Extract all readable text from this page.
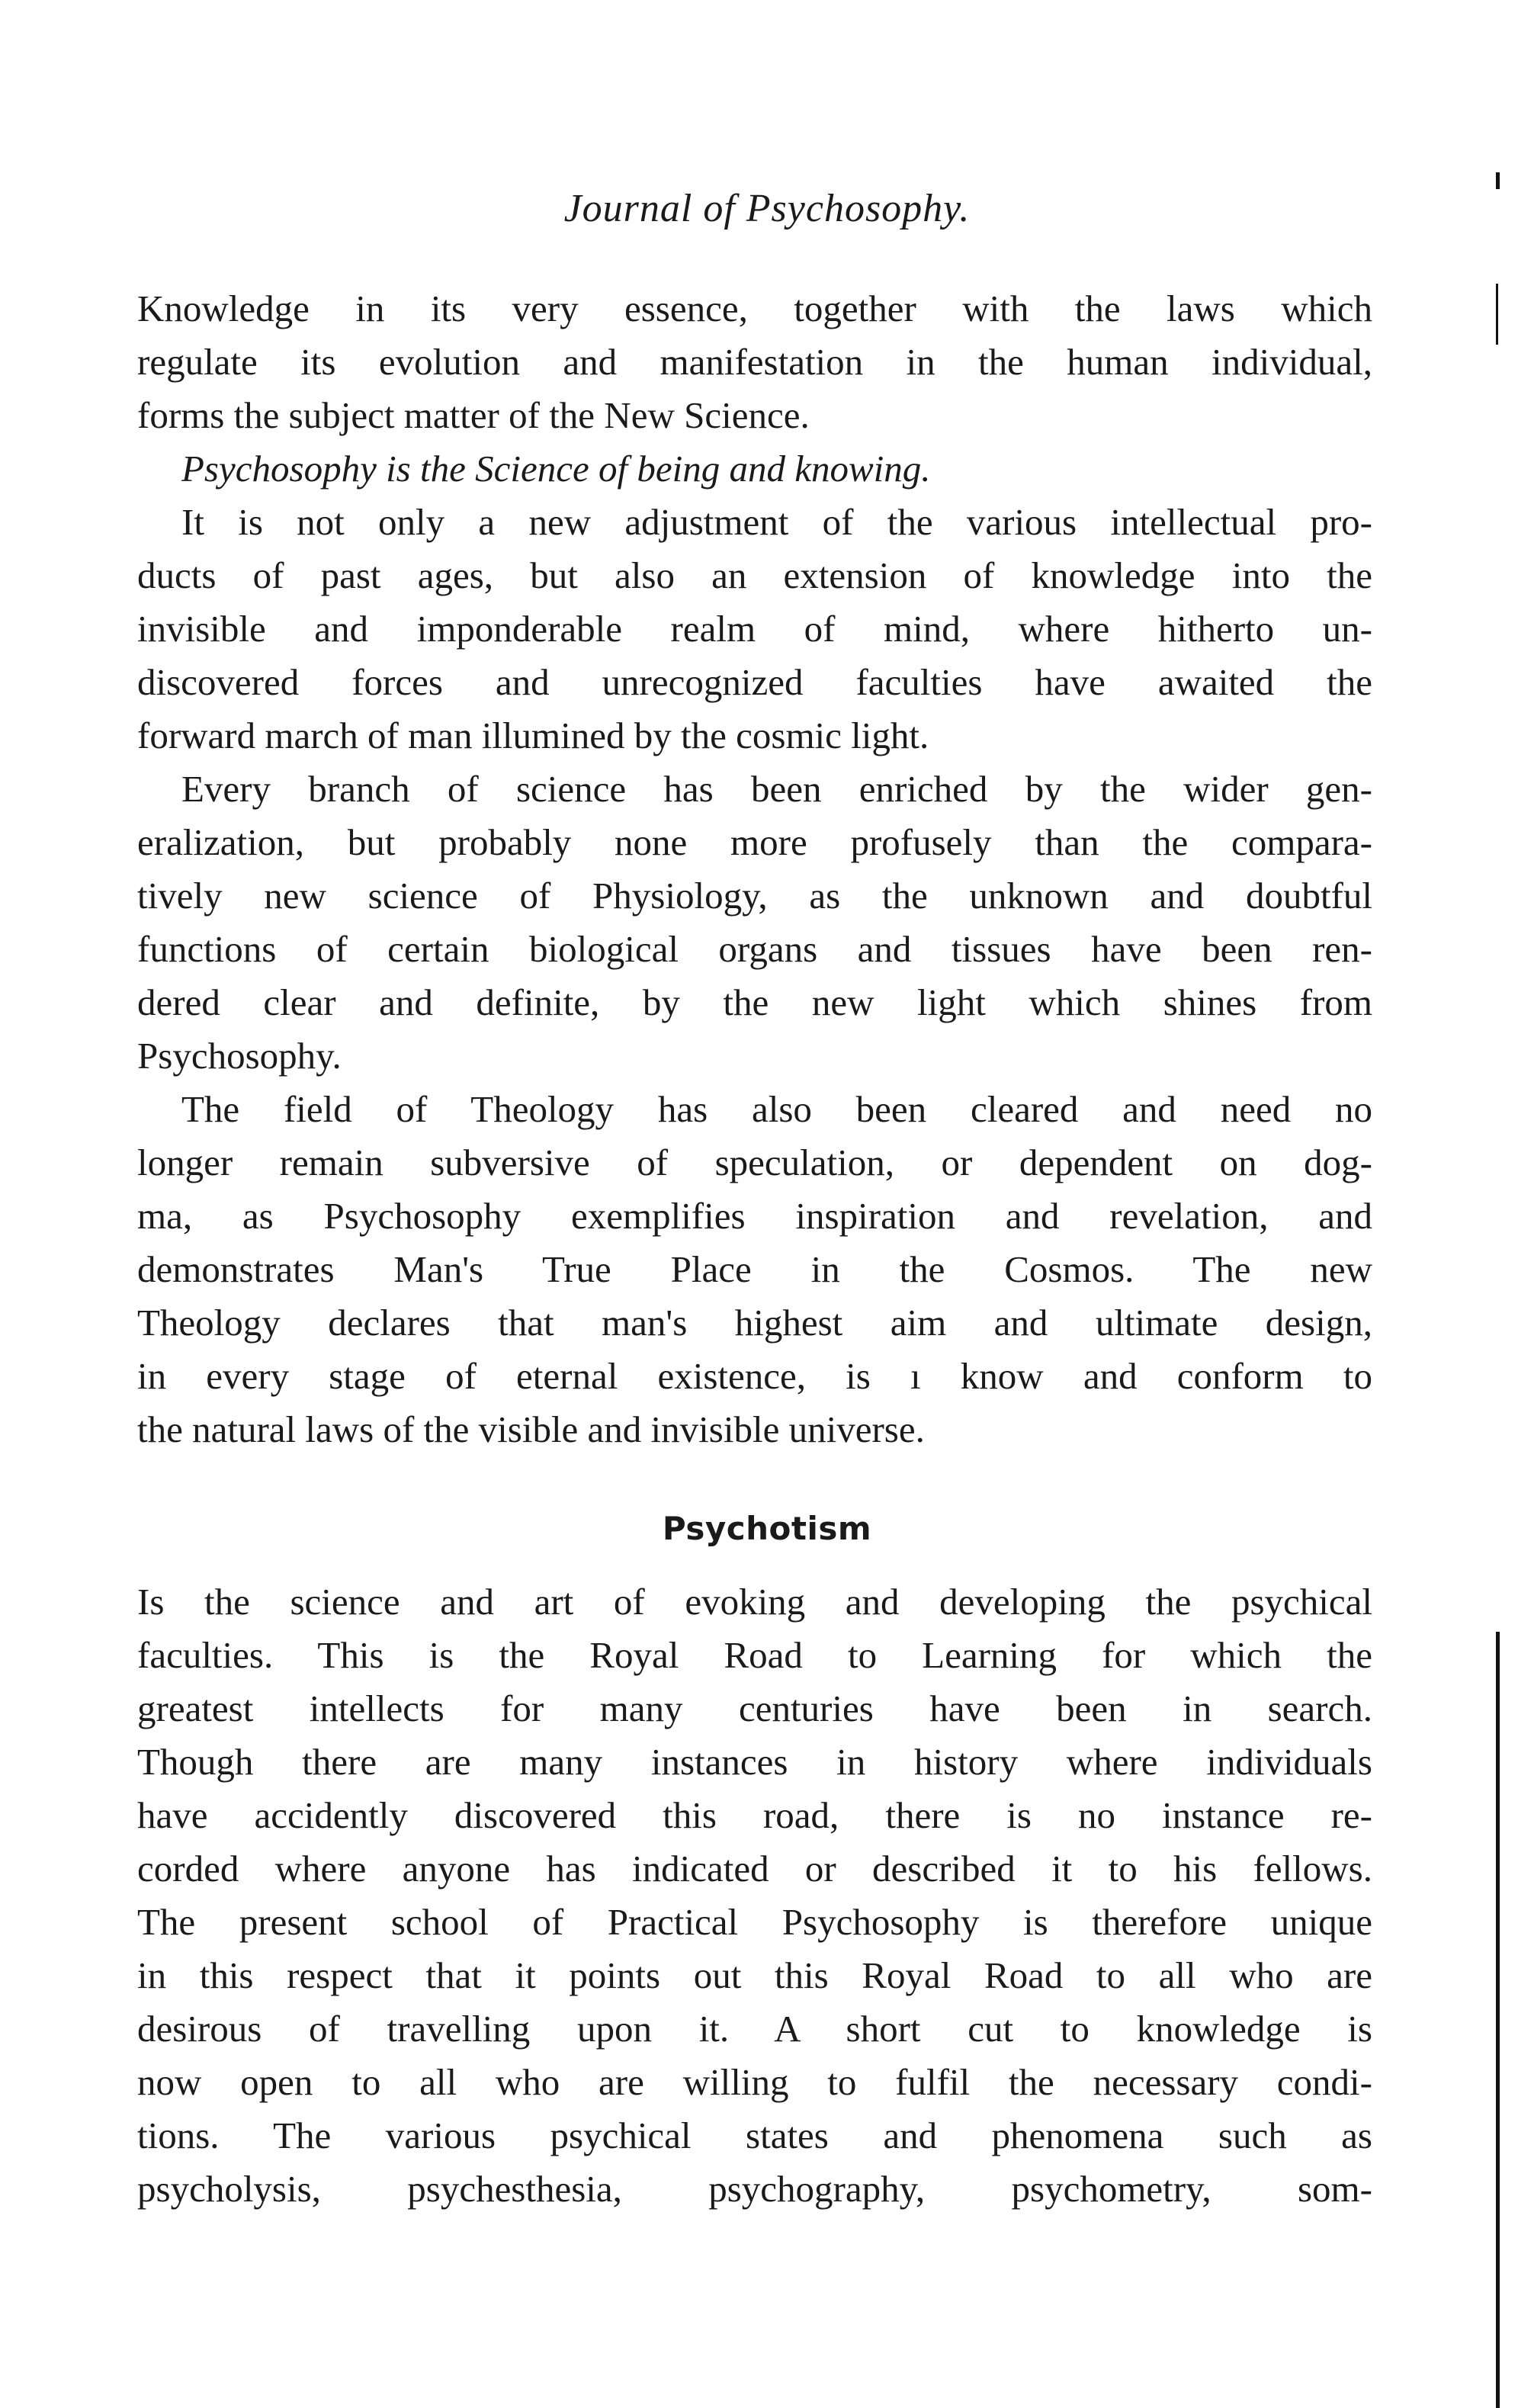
Journal of Psychosophy.
Knowledge in its very essence, together with the laws which
regulate its evolution and manifestation in the human individual,
forms the subject matter of the New Science.
Psychosophy is the Science of being and knowing.
It is not only a new adjustment of the various intellectual pro-
ducts of past ages, but also an extension of knowledge into the
invisible and imponderable realm of mind, where hitherto un-
discovered forces and unrecognized faculties have awaited the
forward march of man illumined by the cosmic light.
Every branch of science has been enriched by the wider gen-
eralization, but probably none more profusely than the compara-
tively new science of Physiology, as the unknown and doubtful
functions of certain biological organs and tissues have been ren-
dered clear and definite, by the new light which shines from
Psychosophy.
The field of Theology has also been cleared and need no
longer remain subversive of speculation, or dependent on dog-
ma, as Psychosophy exemplifies inspiration and revelation, and
demonstrates Man's True Place in the Cosmos. The new
Theology declares that man's highest aim and ultimate design,
in every stage of eternal existence, is ı know and conform to
the natural laws of the visible and invisible universe.
Psychotism
Is the science and art of evoking and developing the psychical
faculties. This is the Royal Road to Learning for which the
greatest intellects for many centuries have been in search.
Though there are many instances in history where individuals
have accidently discovered this road, there is no instance re-
corded where anyone has indicated or described it to his fellows.
The present school of Practical Psychosophy is therefore unique
in this respect that it points out this Royal Road to all who are
desirous of travelling upon it. A short cut to knowledge is
now open to all who are willing to fulfil the necessary condi-
tions. The various psychical states and phenomena such as
psycholysis, psychesthesia, psychography, psychometry, som-
